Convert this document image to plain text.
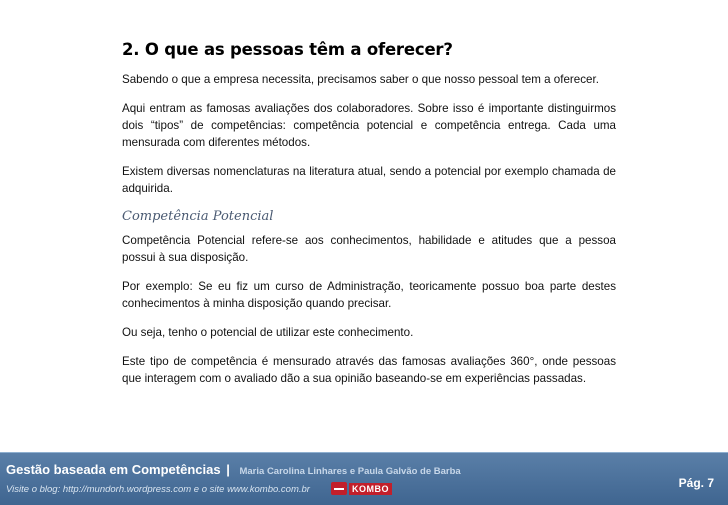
2. O que as pessoas têm a oferecer?

Sabendo o que a empresa necessita, precisamos saber o que nosso pessoal tem a oferecer.

Aqui entram as famosas avaliações dos colaboradores. Sobre isso é importante distinguirmos dois “tipos” de competências: competência potencial e competência entrega. Cada uma mensurada com diferentes métodos.

Existem diversas nomenclaturas na literatura atual, sendo a potencial por exemplo chamada de adquirida.

Competência Potencial

Competência Potencial refere-se aos conhecimentos, habilidade e atitudes que a pessoa possui à sua disposição.

Por exemplo: Se eu fiz um curso de Administração, teoricamente possuo boa parte destes conhecimentos à minha disposição quando precisar.

Ou seja, tenho o potencial de utilizar este conhecimento.

Este tipo de competência é mensurado através das famosas avaliações 360°, onde pessoas que interagem com o avaliado dão a sua opinião baseando-se em experiências passadas.

Gestão baseada em Competências | Maria Carolina Linhares e Paula Galvão de Barba
Visite o blog: http://mundorh.wordpress.com e o site www.kombo.com.br	KOMBO	Pág. 7
